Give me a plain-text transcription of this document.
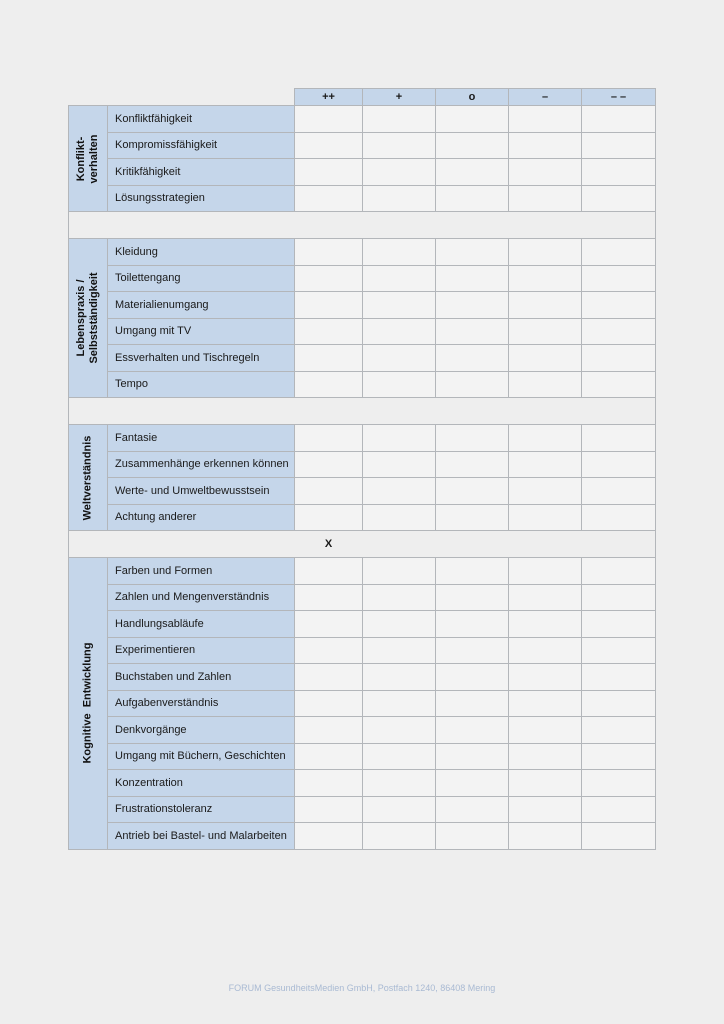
		++	+	o	–	– –

Konflikt-
verhalten	Konfliktfähigkeit					
	Kompromissfähigkeit					
	Kritikfähigkeit					
	Lösungsstrategien					

Lebenspraxis /
Selbstständigkeit	Kleidung					
	Toilettengang					
	Materialienumgang					
	Umgang mit TV					
	Essverhalten und Tischregeln					
	Tempo					

Weltverständnis	Fantasie					
	Zusammenhänge erkennen können					
	Werte- und Umweltbewusstsein					
	Achtung anderer					
		X				

Kognitive  Entwicklung	Farben und Formen					
	Zahlen und Mengenverständnis					
	Handlungsabläufe					
	Experimentieren					
	Buchstaben und Zahlen					
	Aufgabenverständnis					
	Denkvorgänge					
	Umgang mit Büchern, Geschichten					
	Konzentration					
	Frustrationstoleranz					
	Antrieb bei Bastel- und Malarbeiten					
FORUM GesundheitsMedien GmbH, Postfach 1240, 86408 Mering
